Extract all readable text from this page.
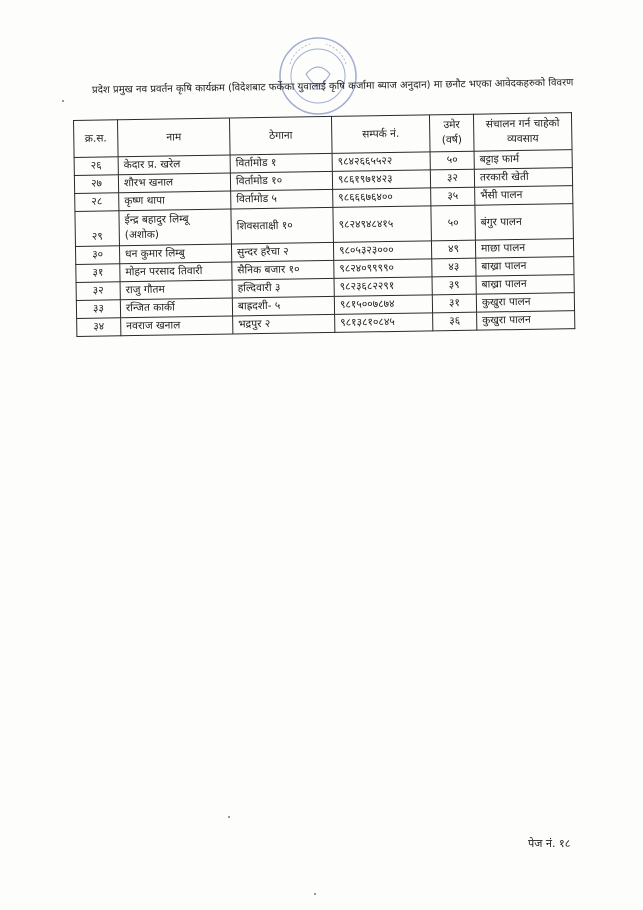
प्रदेश प्रमुख नव प्रवर्तन कृषि कार्यक्रम (विदेशबाट फर्केका युवालाई कृषि कर्जामा ब्याज अनुदान) मा छनौट भएका आवेदकहरुको विवरण
क्र.स.	नाम	ठेगाना	सम्पर्क नं.	उमेर (वर्ष)	संचालन गर्न चाहेको व्यवसाय
२६	केदार प्र. खरेल	विर्तामोड १	९८४२६६५५२२	५०	बट्टाइ फार्म
२७	शौरभ खनाल	विर्तामोड १०	९८६१९७१४२३	३२	तरकारी खेती
२८	कृष्ण थापा	विर्तामोड ५	९८६६६७६४००	३५	भैंसी पालन
२९	ईन्द्र बहादुर लिम्बू (अशोक)	शिवसताक्षी १०	९८२४९४८४१५	५०	बंगुर पालन
३०	धन कुमार लिम्बु	सुन्दर हरैचा २	९८०५३२३०००	४९	माछा पालन
३१	मोहन परसाद तिवारी	सैनिक बजार १०	९८२४०९९९९०	४३	बाख्रा पालन
३२	राजु गौतम	हल्दिवारी ३	९८२३६८२२९१	३९	बाख्रा पालन
३३	रन्जित कार्की	बाह्रदशी- ५	९८१५००७८७४	३१	कुखुरा पालन
३४	नवराज खनाल	भद्रपुर २	९८१३८१०८४५	३६	कुखुरा पालन
पेज नं. १८
